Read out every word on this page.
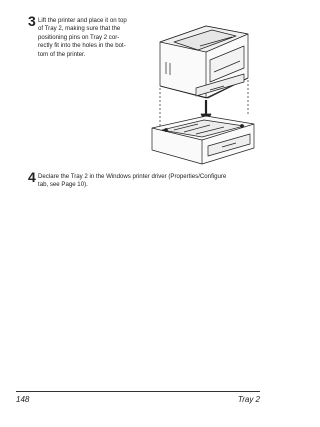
3 Lift the printer and place it on top
of Tray 2, making sure that the
positioning pins on Tray 2 cor-
rectly fit into the holes in the bot-
tom of the printer.
4 Declare the Tray 2 in the Windows printer driver (Properties/Configure
tab, see Page 10).
148	Tray 2
